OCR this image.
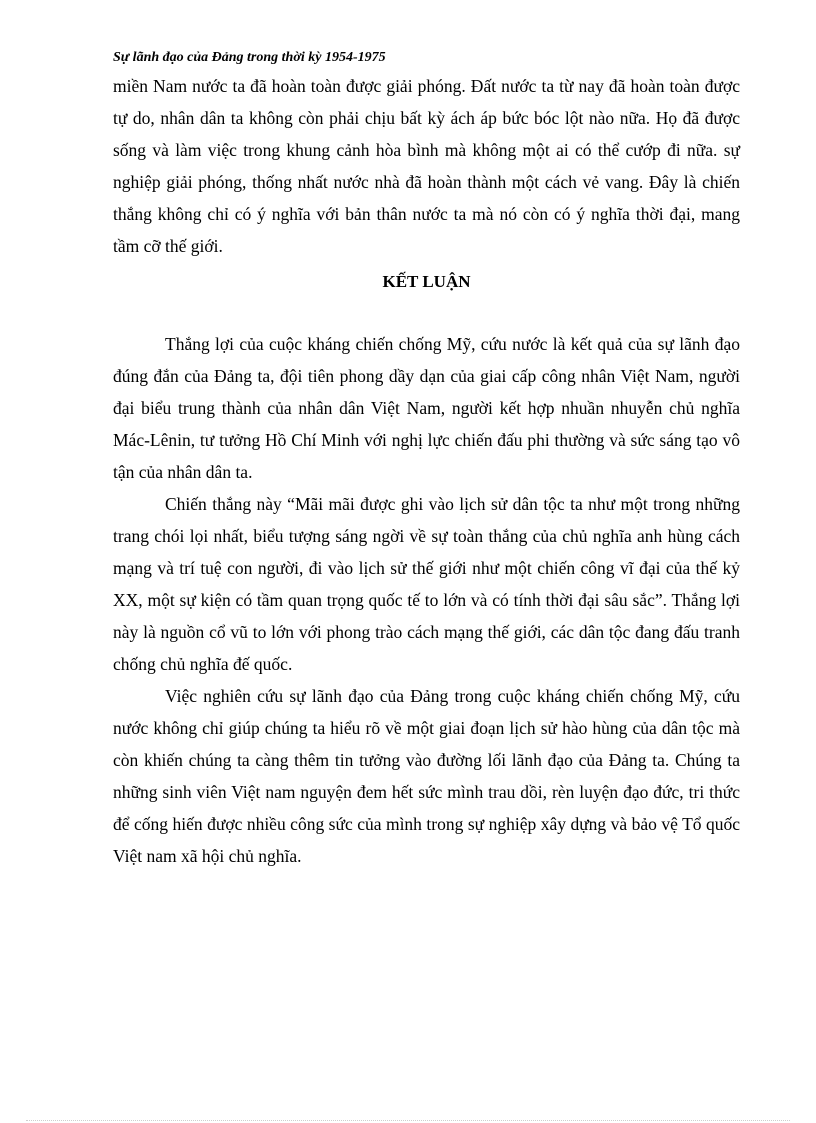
Sự lãnh đạo của Đảng trong thời kỳ 1954-1975

miền Nam nước ta đã hoàn toàn được giải phóng. Đất nước ta từ nay đã hoàn toàn được tự do, nhân dân ta không còn phải chịu bất kỳ ách áp bức bóc lột nào nữa. Họ đã được sống và làm việc trong khung cảnh hòa bình mà không một ai có thể cướp đi nữa. sự nghiệp giải phóng, thống nhất nước nhà đã hoàn thành một cách vẻ vang. Đây là chiến thắng không chỉ có ý nghĩa với bản thân nước ta mà nó còn có ý nghĩa thời đại, mang tầm cỡ thế giới.

KẾT LUẬN

Thắng lợi của cuộc kháng chiến chống Mỹ, cứu nước là kết quả của sự lãnh đạo đúng đắn của Đảng ta, đội tiên phong dầy dạn của giai cấp công nhân Việt Nam, người đại biểu trung thành của nhân dân Việt Nam, người kết hợp nhuần nhuyễn chủ nghĩa Mác-Lênin, tư tưởng Hồ Chí Minh với nghị lực chiến đấu phi thường và sức sáng tạo vô tận của nhân dân ta.

Chiến thắng này “Mãi mãi được ghi vào lịch sử dân tộc ta như một trong những trang chói lọi nhất, biểu tượng sáng ngời về sự toàn thắng của chủ nghĩa anh hùng cách mạng và trí tuệ con người, đi vào lịch sử thế giới như một chiến công vĩ đại của thế kỷ XX, một sự kiện có tầm quan trọng quốc tế to lớn và có tính thời đại sâu sắc”. Thắng lợi này là nguồn cổ vũ to lớn với phong trào cách mạng thế giới, các dân tộc đang đấu tranh chống chủ nghĩa đế quốc.

Việc nghiên cứu sự lãnh đạo của Đảng trong cuộc kháng chiến chống Mỹ, cứu nước không chỉ giúp chúng ta hiểu rõ về một giai đoạn lịch sử hào hùng của dân tộc mà còn khiến chúng ta càng thêm tin tưởng vào đường lối lãnh đạo của Đảng ta. Chúng ta những sinh viên Việt nam nguyện đem hết sức mình trau dồi, rèn luyện đạo đức, tri thức để cống hiến được nhiều công sức của mình trong sự nghiệp xây dựng và bảo vệ Tổ quốc Việt nam xã hội chủ nghĩa.
